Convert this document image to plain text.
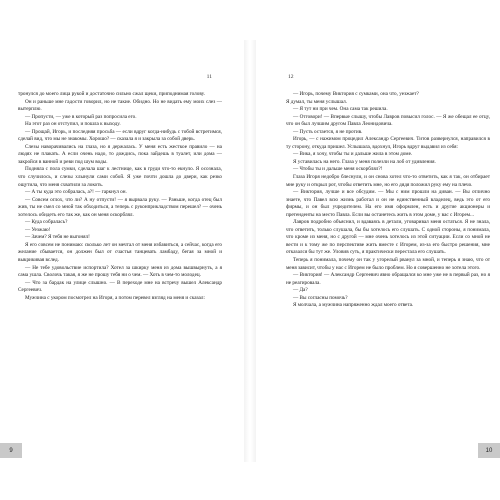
11

тронулся до моего лица рукой и достаточно сильно сжал щеки, приподнимая голову.

Он и раньше мне гадости говорил, но не такие. Обидно. Но не видать ему моих слез — вытерплю.

— Пропусти, — уже в который раз попросила его.

На этот раз он отступил, и пошла к выходу.

— Прощай, Игорь, и последняя просьба — если вдруг когда-нибудь с тобой встретимся, сделай вид, что мы не знакомы. Хорошо? — сказала я и закрыла за собой дверь.

Слезы наворачивались на глаза, но я держалась. У меня есть жесткое правило — на людях не плакать. А если очень надо, то дождись, пока зайдешь в туалет, или дома — закройся в ванной и реви под шум воды.

Подняла с пола сумки, сделала шаг к лестнице, как в груди что-то екнуло. Я осознала, что случилось, и слезы хлынули сами собой. Я уже почти дошла до двери, как резко ощутила, что меня схватили за локоть.

— А ты куда это собралась, а?! — гаркнул он.

— Совсем оглох, что ли? А ну отпусти! — я вырвала руку. — Раньше, когда отец был жив, ты не смел со мной так обходиться, а теперь с руконприкладством перешел? — очень хотелось обидеть его так же, как он меня оскорблял.

— Куда собралась?

— Уезжаю!

— Зачем? Я тебя не выгонял!

Я его совсем не понимаю: сколько лет он мечтал от меня избавиться, а сейчас, когда его желание сбывается, он должен был от счастья танцевать ламбаду, бегая за мной и выкрикивая вслед.

— Не тебе удовольствие испортила? Хотел за шкирку меня из дома вышвырнуть, а я сама ушла. Сволочь такая, я же не прошу тебя ни о чем. — Хоть в чем-то молодец.

— Что за бардак на улице слышно. — В переходе мне на встречу вышел Александр Сергеевич.

Мужчина с укором посмотрел на Игоря, а потом перевел взгляд на меня и сказал:

9
12

— Игорь, почему Виктория с сумками, она что, уезжает?

Я думал, ты меня услышал.

— Я тут ни при чем. Она сама так решила.

— Отговори! — Впервые слышу, чтобы Лавров повысил голос. — Я же обещал ее отцу, что он был лучшим другом Павла Леонидовича.

— Пусть остается, я не против.

Игорь, — с нажимом процедил Александр Сергеевич. Титов развернулся, направился в ту сторону, откуда пришел. Услышала, вдохнул, Игорь вдруг выдавил из себя:

— Вика, я хочу, чтобы ты и дальше жила в этом доме.

Я уставилась на него. Глаза у меня полезли на лоб от удивления.

— Чтобы ты и дальше меня оскорблял?!

Глаза Игоря недобро блеснули, и он снова хотел что-то ответить, как я так, он отбирает мне руку и открыл рот, чтобы ответить мне, но его дядя положил руку ему на плечо.

— Виктория, лучше и все обсудим. — Мы с ним прошли на диван. — Вы отлично знаете, что Павел всю жизнь работал и он не единственный владелец, ведь это от его фирмы, и он был учредителем. На его имя оформлен, есть и другие акционеры и претенденты на место Павла. Если вы останетесь жить в этом доме, у вас с Игорем...

Лавров подробно объяснил, и вдаваясь в детали, уговаривал меня остаться. Я не знала, что ответить, только слушала, бы бы хотелось его слушать. С одной стороны, я понимала, что кроме из меня, но с другой — мне очень хотелось из этой ситуации. Если со мной не вести и к тому же по перспективе жить вместе с Игорем, из-за его быстро решения, мне отказался бы тут же. Уловив суть, я практически перестала его слушать.

Теперь я понимала, почему он так у угорелый рванул за мной, и теперь я знаю, что от меня зависит, чтобы у нас с Игорем не было проблем. Но я совершенно не хотела этого.

— Виктория! — Александр Сергеевич явно обращался ко мне уже не в первый раз, но я не реагировала.

— Да?

— Вы согласны помочь?

Я молчала, а мужчина напряженно ждал моего ответа.

10
